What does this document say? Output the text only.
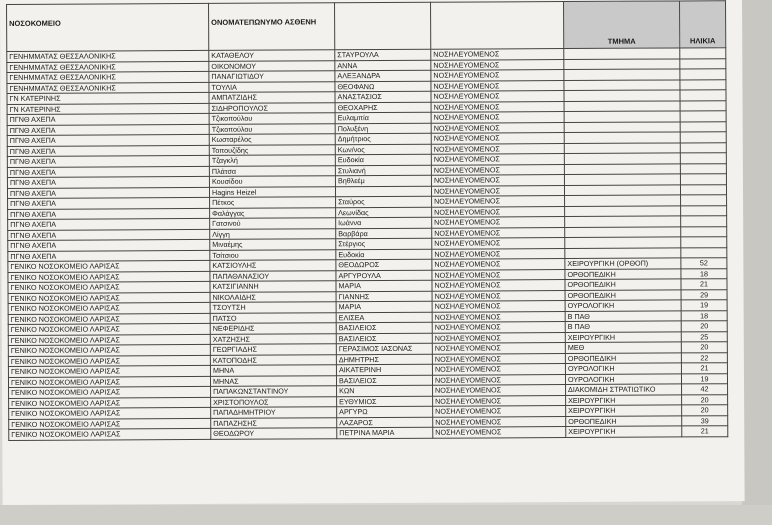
ΝΟΣΟΚΟΜΕΙΟ	ΟΝΟΜΑΤΕΠΩΝΥΜΟ ΑΣΘΕΝΗ			ΤΜΗΜΑ	ΗΛΙΚΙΑ
ΓΕΝΗΜΜΑΤΑΣ ΘΕΣΣΑΛΟΝΙΚΗΣ	ΚΑΤΑΘΕΛΟΥ	ΣΤΑΥΡΟΥΛΑ	ΝΟΣΗΛΕΥΟΜΕΝΟΣ		
ΓΕΝΗΜΜΑΤΑΣ ΘΕΣΣΑΛΟΝΙΚΗΣ	ΟΙΚΟΝΟΜΟΥ	ΑΝΝΑ	ΝΟΣΗΛΕΥΟΜΕΝΟΣ		
ΓΕΝΗΜΜΑΤΑΣ ΘΕΣΣΑΛΟΝΙΚΗΣ	ΠΑΝΑΓΙΩΤΙΔΟΥ	ΑΛΕΞΑΝΔΡΑ	ΝΟΣΗΛΕΥΟΜΕΝΟΣ		
ΓΕΝΗΜΜΑΤΑΣ ΘΕΣΣΑΛΟΝΙΚΗΣ	ΤΟΥΛΙΑ	ΘΕΟΦΑΝΩ	ΝΟΣΗΛΕΥΟΜΕΝΟΣ		
ΓΝ ΚΑΤΕΡΙΝΗΣ	ΑΜΠΑΤΖΙΔΗΣ	ΑΝΑΣΤΑΣΙΟΣ	ΝΟΣΗΛΕΥΟΜΕΝΟΣ		
ΓΝ ΚΑΤΕΡΙΝΗΣ	ΣΙΔΗΡΟΠΟΥΛΟΣ	ΘΕΟΧΑΡΗΣ	ΝΟΣΗΛΕΥΟΜΕΝΟΣ		
ΠΓΝΘ ΑΧΕΠΑ	Τζικοπούλου	Ευλαμπία	ΝΟΣΗΛΕΥΟΜΕΝΟΣ		
ΠΓΝΘ ΑΧΕΠΑ	Τζικοπούλου	Πολυξένη	ΝΟΣΗΛΕΥΟΜΕΝΟΣ		
ΠΓΝΘ ΑΧΕΠΑ	Κωσταρέλος	Δημήτριος	ΝΟΣΗΛΕΥΟΜΕΝΟΣ		
ΠΓΝΘ ΑΧΕΠΑ	Τοπουζίδης	Κων/νος	ΝΟΣΗΛΕΥΟΜΕΝΟΣ		
ΠΓΝΘ ΑΧΕΠΑ	Τζαγκλή	Ευδοκία	ΝΟΣΗΛΕΥΟΜΕΝΟΣ		
ΠΓΝΘ ΑΧΕΠΑ	Πλάτσα	Στυλιανή	ΝΟΣΗΛΕΥΟΜΕΝΟΣ		
ΠΓΝΘ ΑΧΕΠΑ	Κουσίδου	Βηθλεέμ	ΝΟΣΗΛΕΥΟΜΕΝΟΣ		
ΠΓΝΘ ΑΧΕΠΑ	Hagins Heizel		ΝΟΣΗΛΕΥΟΜΕΝΟΣ		
ΠΓΝΘ ΑΧΕΠΑ	Πέτκος	Σταύρος	ΝΟΣΗΛΕΥΟΜΕΝΟΣ		
ΠΓΝΘ ΑΧΕΠΑ	Φαλάγγας	Λεωνίδας	ΝΟΣΗΛΕΥΟΜΕΝΟΣ		
ΠΓΝΘ ΑΧΕΠΑ	Γατσινού	Ιωάννα	ΝΟΣΗΛΕΥΟΜΕΝΟΣ		
ΠΓΝΘ ΑΧΕΠΑ	Λίγγη	Βαρβάρα	ΝΟΣΗΛΕΥΟΜΕΝΟΣ		
ΠΓΝΘ ΑΧΕΠΑ	Μιναέμης	Στέργιος	ΝΟΣΗΛΕΥΟΜΕΝΟΣ		
ΠΓΝΘ ΑΧΕΠΑ	Τσίτσιου	Ευδοκία	ΝΟΣΗΛΕΥΟΜΕΝΟΣ		
ΓΕΝΙΚΟ ΝΟΣΟΚΟΜΕΙΟ ΛΑΡΙΣΑΣ	ΚΑΤΣΙΟΥΛΗΣ	ΘΕΟΔΩΡΟΣ	ΝΟΣΗΛΕΥΟΜΕΝΟΣ	ΧΕΙΡΟΥΡΓΙΚΗ (ΟΡΘΟΠ)	52
ΓΕΝΙΚΟ ΝΟΣΟΚΟΜΕΙΟ ΛΑΡΙΣΑΣ	ΠΑΠΑΘΑΝΑΣΙΟΥ	ΑΡΓΥΡΟΥΛΑ	ΝΟΣΗΛΕΥΟΜΕΝΟΣ	ΟΡΘΟΠΕΔΙΚΗ	18
ΓΕΝΙΚΟ ΝΟΣΟΚΟΜΕΙΟ ΛΑΡΙΣΑΣ	ΚΑΤΣΙΓΙΑΝΝΗ	ΜΑΡΙΑ	ΝΟΣΗΛΕΥΟΜΕΝΟΣ	ΟΡΘΟΠΕΔΙΚΗ	21
ΓΕΝΙΚΟ ΝΟΣΟΚΟΜΕΙΟ ΛΑΡΙΣΑΣ	ΝΙΚΟΛΑΙΔΗΣ	ΓΙΑΝΝΗΣ	ΝΟΣΗΛΕΥΟΜΕΝΟΣ	ΟΡΘΟΠΕΔΙΚΗ	29
ΓΕΝΙΚΟ ΝΟΣΟΚΟΜΕΙΟ ΛΑΡΙΣΑΣ	ΤΣΟΥΤΣΗ	ΜΑΡΙΑ	ΝΟΣΗΛΕΥΟΜΕΝΟΣ	ΟΥΡΟΛΟΓΙΚΗ	19
ΓΕΝΙΚΟ ΝΟΣΟΚΟΜΕΙΟ ΛΑΡΙΣΑΣ	ΠΑΤΣΟ	ΕΛΙΣΕΑ	ΝΟΣΗΛΕΥΟΜΕΝΟΣ	Β ΠΑΘ	18
ΓΕΝΙΚΟ ΝΟΣΟΚΟΜΕΙΟ ΛΑΡΙΣΑΣ	ΝΕΦΕΡΙΔΗΣ	ΒΑΣΙΛΕΙΟΣ	ΝΟΣΗΛΕΥΟΜΕΝΟΣ	Β ΠΑΘ	20
ΓΕΝΙΚΟ ΝΟΣΟΚΟΜΕΙΟ ΛΑΡΙΣΑΣ	ΧΑΤΖΗΣΗΣ	ΒΑΣΙΛΕΙΟΣ	ΝΟΣΗΛΕΥΟΜΕΝΟΣ	ΧΕΙΡΟΥΡΓΙΚΗ	25
ΓΕΝΙΚΟ ΝΟΣΟΚΟΜΕΙΟ ΛΑΡΙΣΑΣ	ΓΕΩΡΓΙΑΔΗΣ	ΓΕΡΑΣΙΜΟΣ ΙΑΣΟΝΑΣ	ΝΟΣΗΛΕΥΟΜΕΝΟΣ	ΜΕΘ	20
ΓΕΝΙΚΟ ΝΟΣΟΚΟΜΕΙΟ ΛΑΡΙΣΑΣ	ΚΑΤΟΠΟΔΗΣ	ΔΗΜΗΤΡΗΣ	ΝΟΣΗΛΕΥΟΜΕΝΟΣ	ΟΡΘΟΠΕΔΙΚΗ	22
ΓΕΝΙΚΟ ΝΟΣΟΚΟΜΕΙΟ ΛΑΡΙΣΑΣ	ΜΗΝΑ	ΑΙΚΑΤΕΡΙΝΗ	ΝΟΣΗΛΕΥΟΜΕΝΟΣ	ΟΥΡΟΛΟΓΙΚΗ	21
ΓΕΝΙΚΟ ΝΟΣΟΚΟΜΕΙΟ ΛΑΡΙΣΑΣ	ΜΗΝΑΣ	ΒΑΣΙΛΕΙΟΣ	ΝΟΣΗΛΕΥΟΜΕΝΟΣ	ΟΥΡΟΛΟΓΙΚΗ	19
ΓΕΝΙΚΟ ΝΟΣΟΚΟΜΕΙΟ ΛΑΡΙΣΑΣ	ΠΑΠΑΚΩΝΣΤΑΝΤΙΝΟΥ	ΚΩΝ	ΝΟΣΗΛΕΥΟΜΕΝΟΣ	ΔΙΑΚΟΜΙΔΗ ΣΤΡΑΤΙΩΤΙΚΟ	42
ΓΕΝΙΚΟ ΝΟΣΟΚΟΜΕΙΟ ΛΑΡΙΣΑΣ	ΧΡΙΣΤΟΠΟΥΛΟΣ	ΕΥΘΥΜΙΟΣ	ΝΟΣΗΛΕΥΟΜΕΝΟΣ	ΧΕΙΡΟΥΡΓΙΚΗ	20
ΓΕΝΙΚΟ ΝΟΣΟΚΟΜΕΙΟ ΛΑΡΙΣΑΣ	ΠΑΠΑΔΗΜΗΤΡΙΟΥ	ΑΡΓΥΡΩ	ΝΟΣΗΛΕΥΟΜΕΝΟΣ	ΧΕΙΡΟΥΡΓΙΚΗ	20
ΓΕΝΙΚΟ ΝΟΣΟΚΟΜΕΙΟ ΛΑΡΙΣΑΣ	ΠΑΠΑΖΗΣΗΣ	ΛΑΖΑΡΟΣ	ΝΟΣΗΛΕΥΟΜΕΝΟΣ	ΟΡΘΟΠΕΔΙΚΗ	39
ΓΕΝΙΚΟ ΝΟΣΟΚΟΜΕΙΟ ΛΑΡΙΣΑΣ	ΘΕΟΔΩΡΟΥ	ΠΕΤΡΙΝΑ ΜΑΡΙΑ	ΝΟΣΗΛΕΥΟΜΕΝΟΣ	ΧΕΙΡΟΥΡΓΙΚΗ	21
